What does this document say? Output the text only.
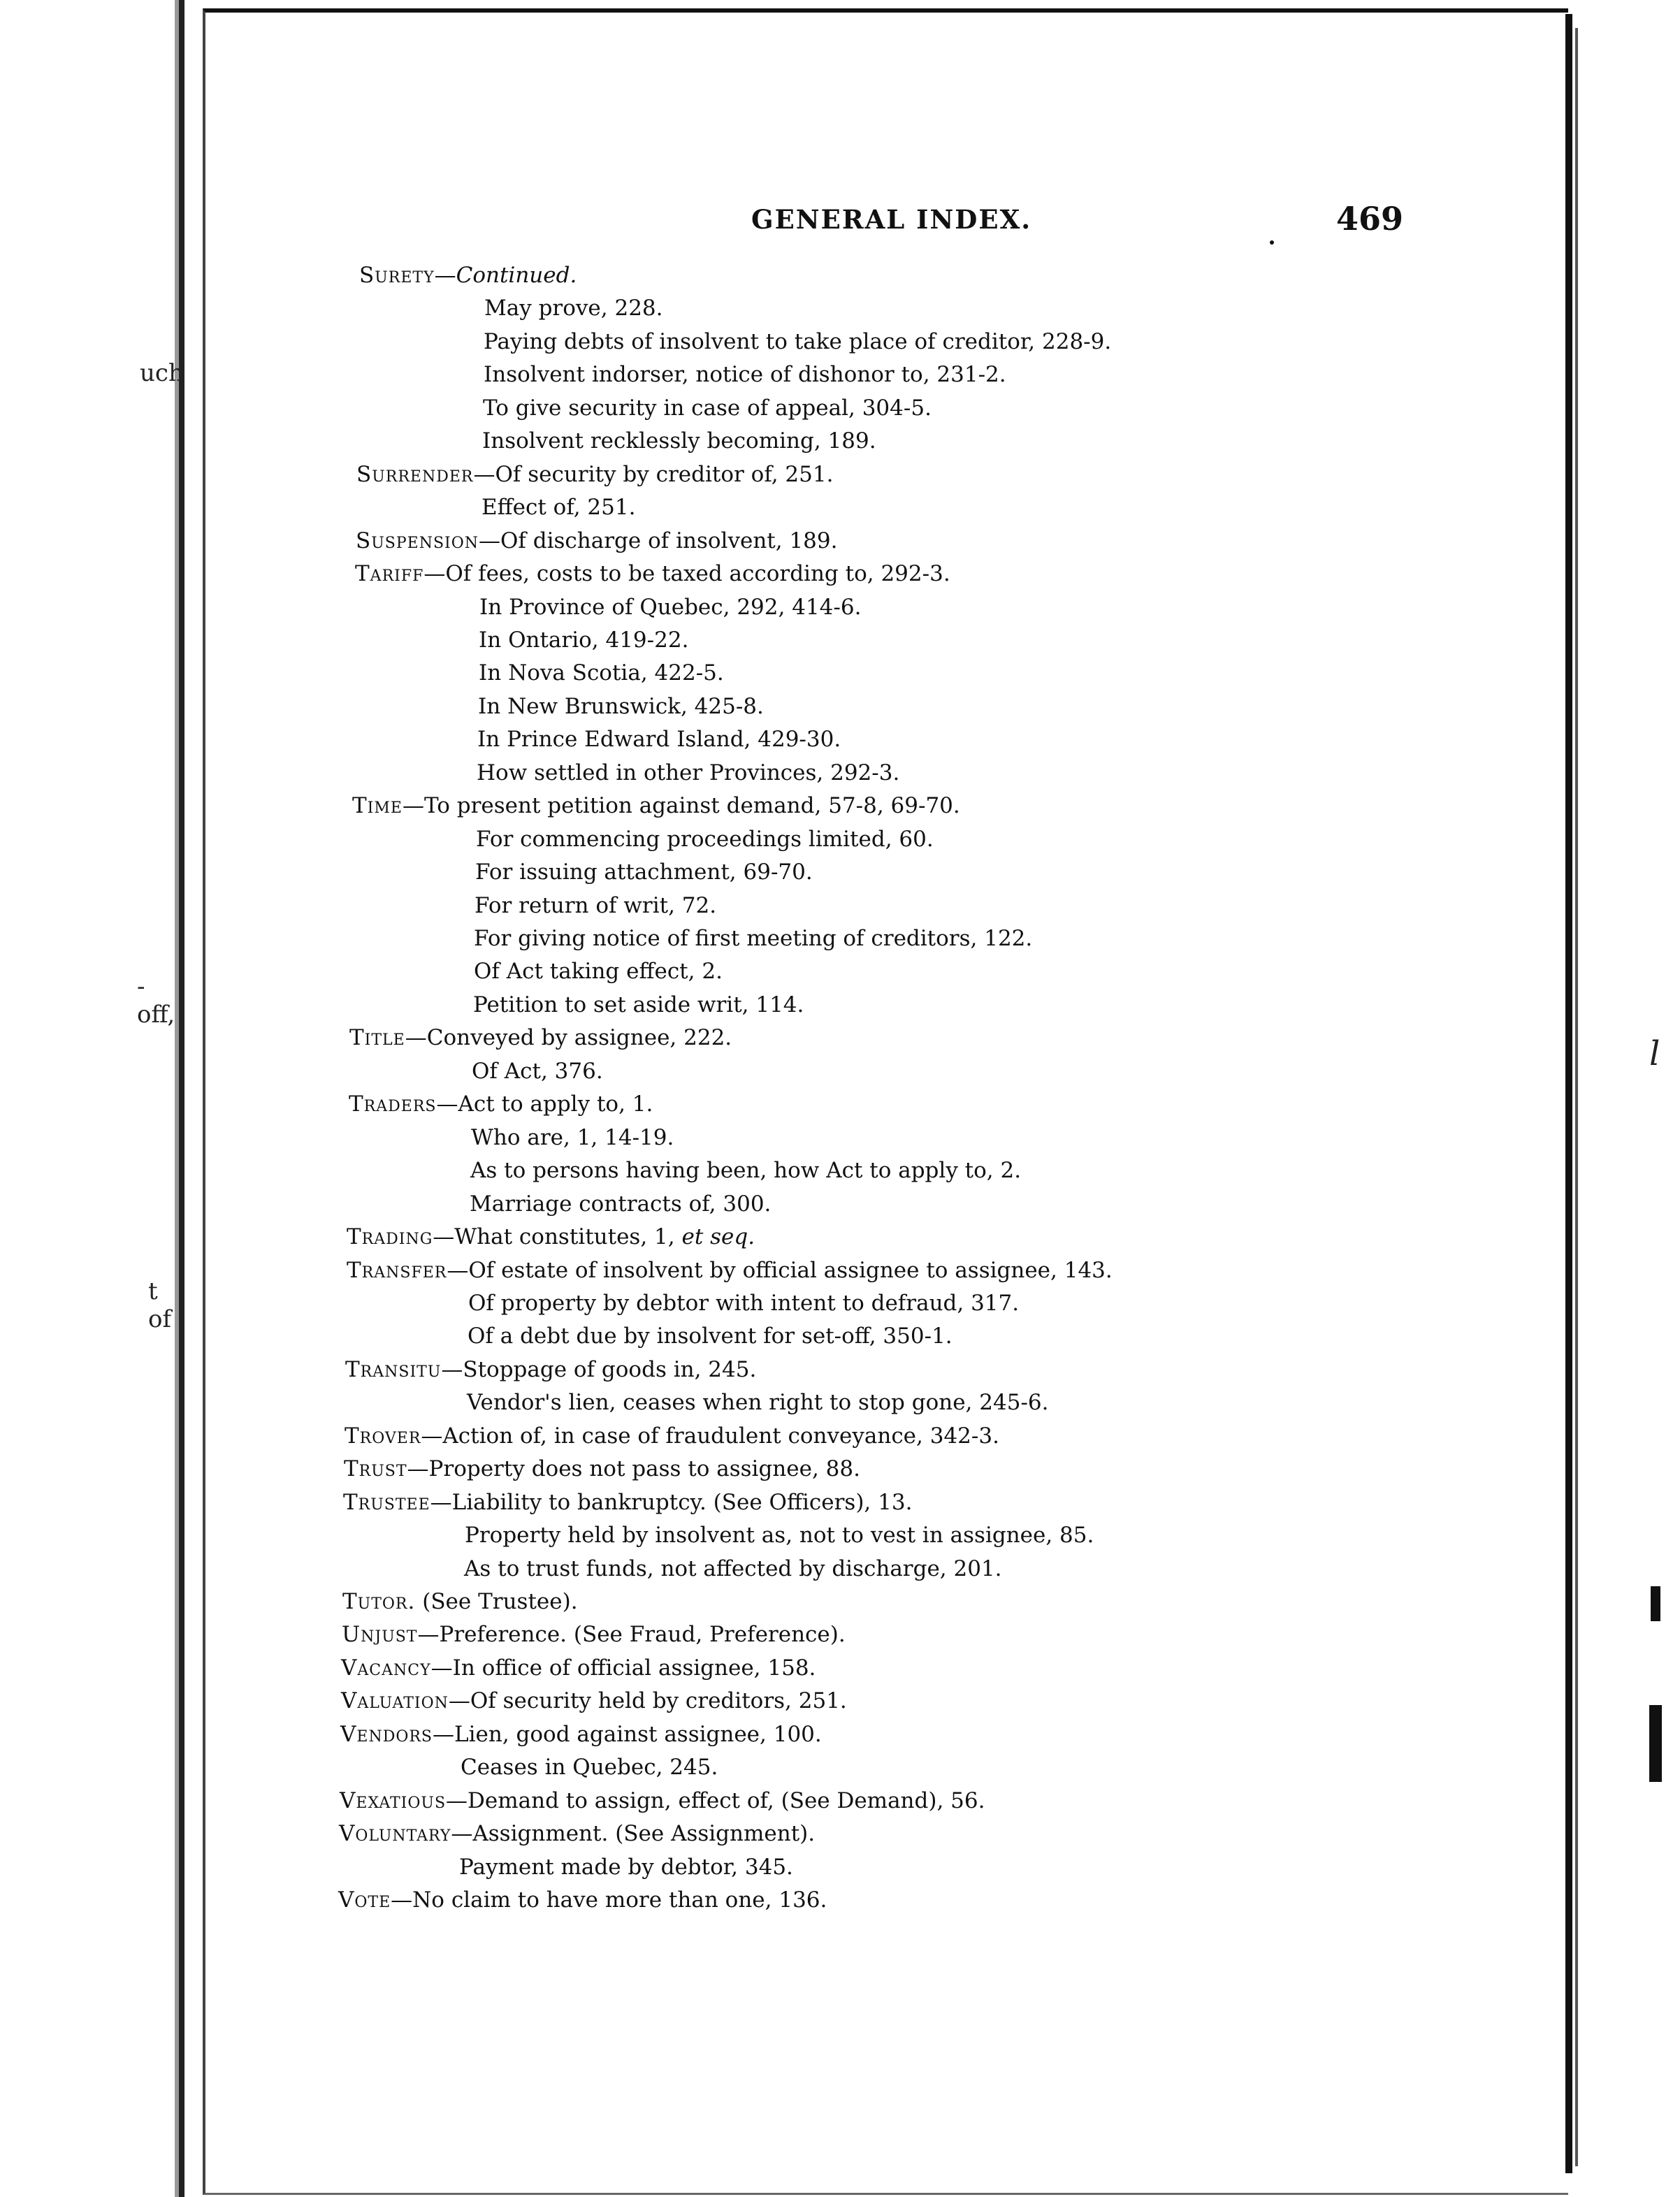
uch
-off,
t of
GENERAL INDEX.	469
l
Surety—Continued.
May prove, 228.
Paying debts of insolvent to take place of creditor, 228-9.
Insolvent indorser, notice of dishonor to, 231-2.
To give security in case of appeal, 304-5.
Insolvent recklessly becoming, 189.
Surrender—Of security by creditor of, 251.
Effect of, 251.
Suspension—Of discharge of insolvent, 189.
Tariff—Of fees, costs to be taxed according to, 292-3.
In Province of Quebec, 292, 414-6.
In Ontario, 419-22.
In Nova Scotia, 422-5.
In New Brunswick, 425-8.
In Prince Edward Island, 429-30.
How settled in other Provinces, 292-3.
Time—To present petition against demand, 57-8, 69-70.
For commencing proceedings limited, 60.
For issuing attachment, 69-70.
For return of writ, 72.
For giving notice of first meeting of creditors, 122.
Of Act taking effect, 2.
Petition to set aside writ, 114.
Title—Conveyed by assignee, 222.
Of Act, 376.
Traders—Act to apply to, 1.
Who are, 1, 14-19.
As to persons having been, how Act to apply to, 2.
Marriage contracts of, 300.
Trading—What constitutes, 1, et seq.
Transfer—Of estate of insolvent by official assignee to assignee, 143.
Of property by debtor with intent to defraud, 317.
Of a debt due by insolvent for set-off, 350-1.
Transitu—Stoppage of goods in, 245.
Vendor's lien, ceases when right to stop gone, 245-6.
Trover—Action of, in case of fraudulent conveyance, 342-3.
Trust—Property does not pass to assignee, 88.
Trustee—Liability to bankruptcy. (See Officers), 13.
Property held by insolvent as, not to vest in assignee, 85.
As to trust funds, not affected by discharge, 201.
Tutor. (See Trustee).
Unjust—Preference. (See Fraud, Preference).
Vacancy—In office of official assignee, 158.
Valuation—Of security held by creditors, 251.
Vendors—Lien, good against assignee, 100.
Ceases in Quebec, 245.
Vexatious—Demand to assign, effect of, (See Demand), 56.
Voluntary—Assignment. (See Assignment).
Payment made by debtor, 345.
Vote—No claim to have more than one, 136.
